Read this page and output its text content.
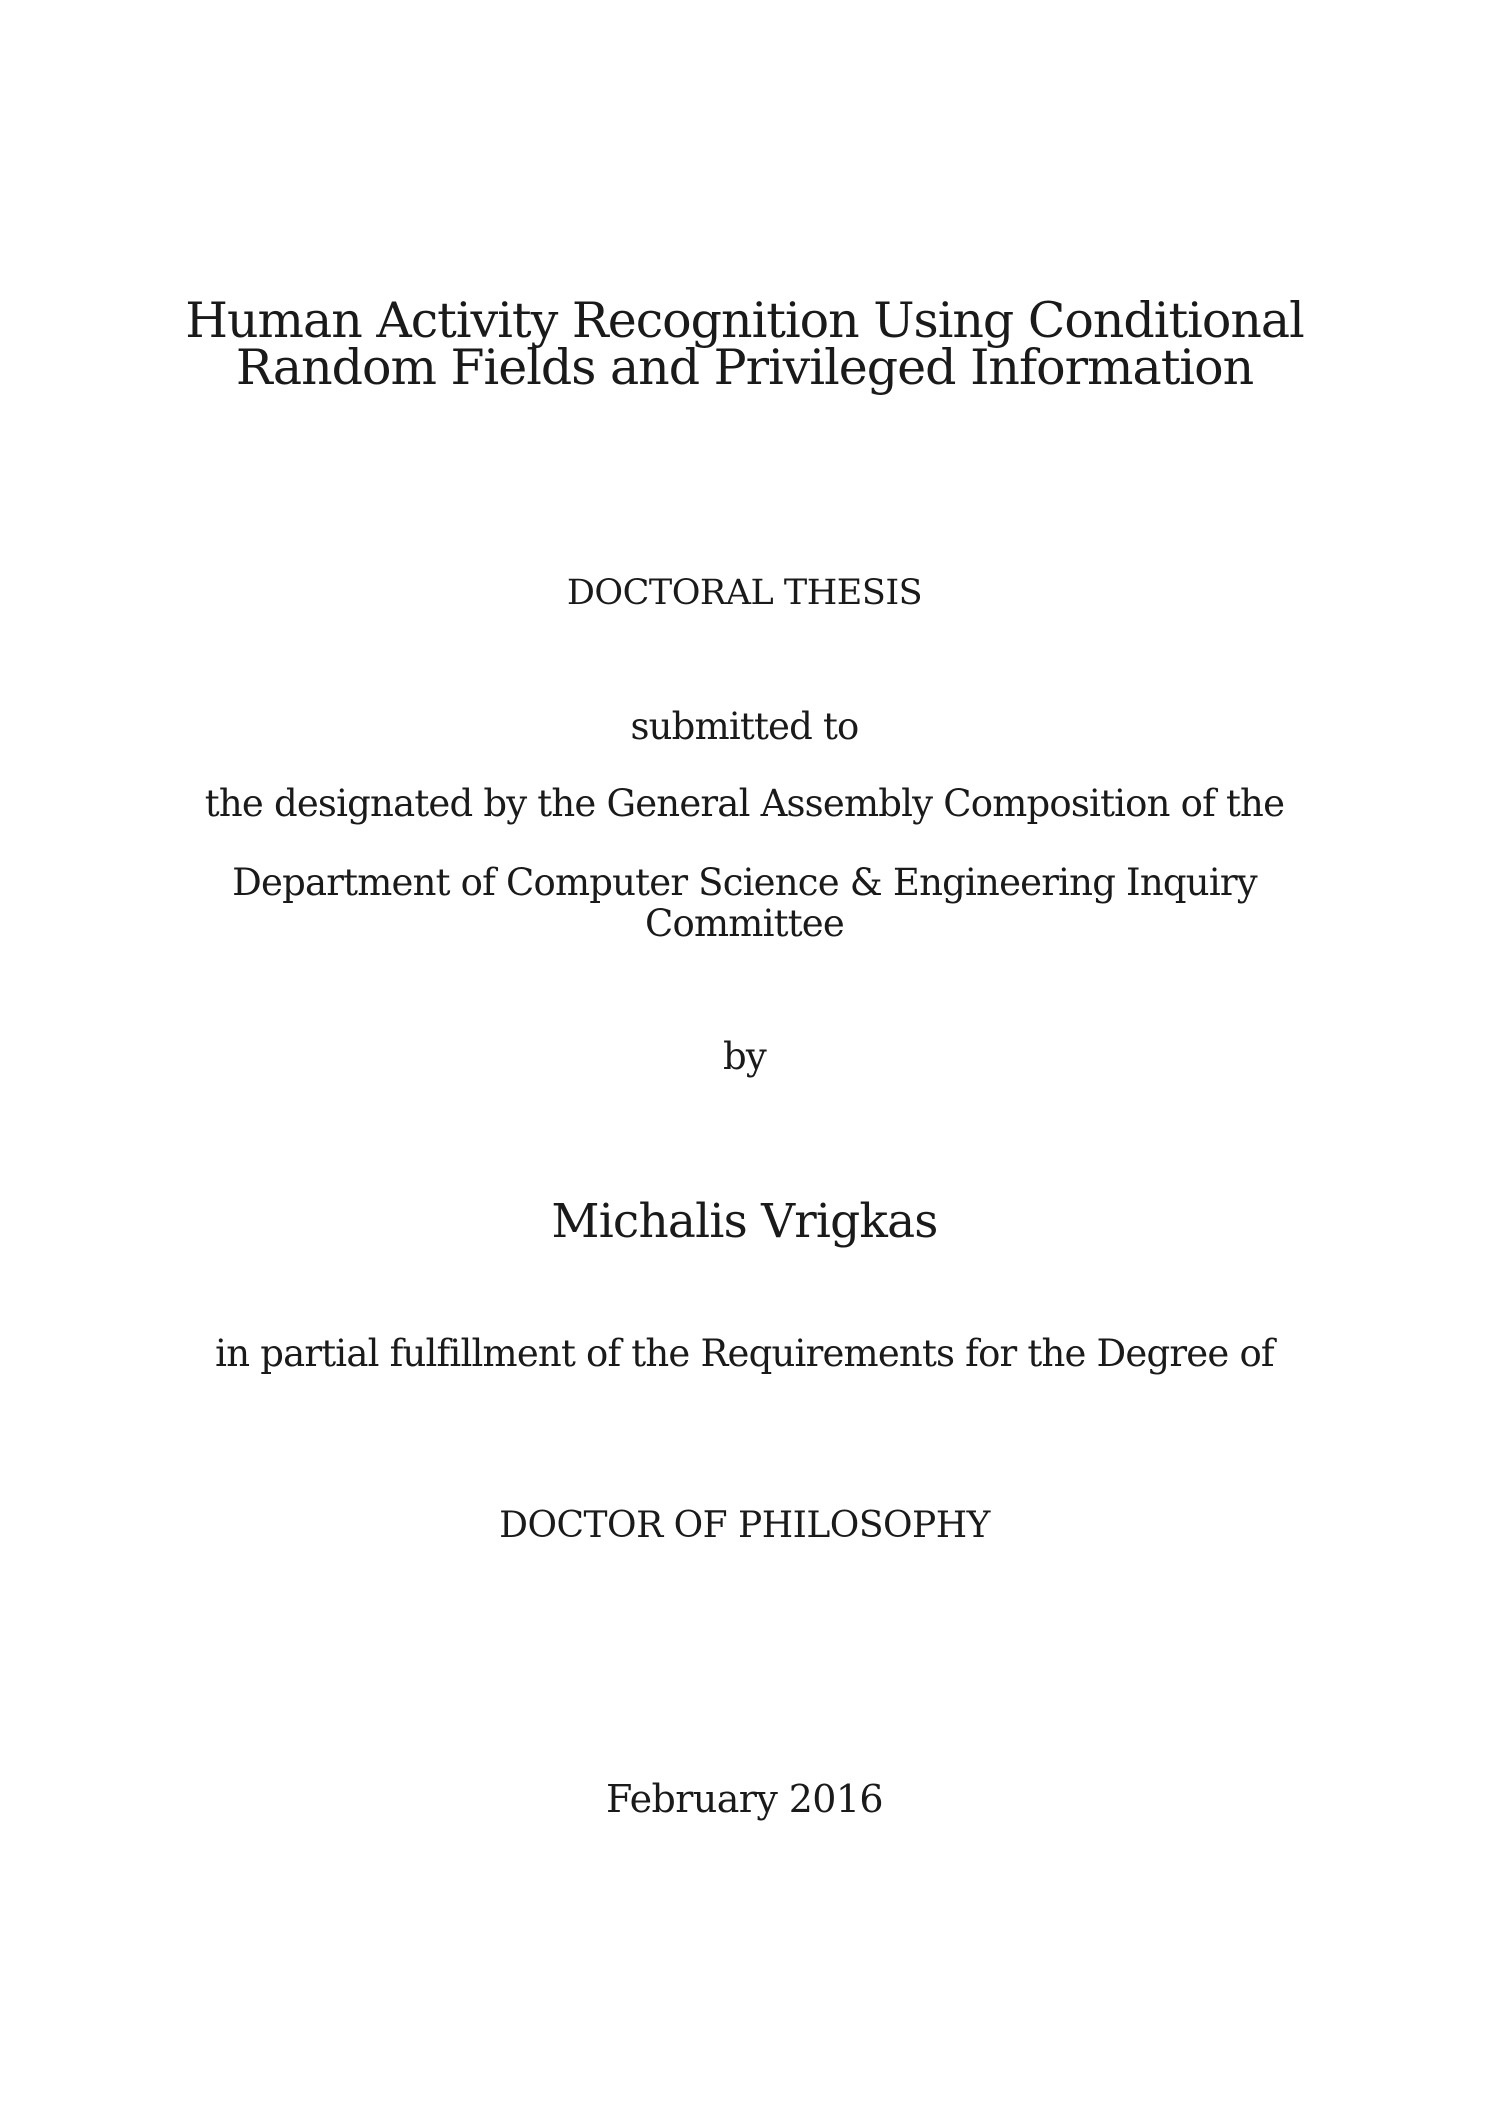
Human Activity Recognition Using Conditional
Random Fields and Privileged Information
DOCTORAL THESIS
submitted to
the designated by the General Assembly Composition of the
Department of Computer Science & Engineering Inquiry
Committee
by
Michalis Vrigkas
in partial fulfillment of the Requirements for the Degree of
DOCTOR OF PHILOSOPHY
February 2016
